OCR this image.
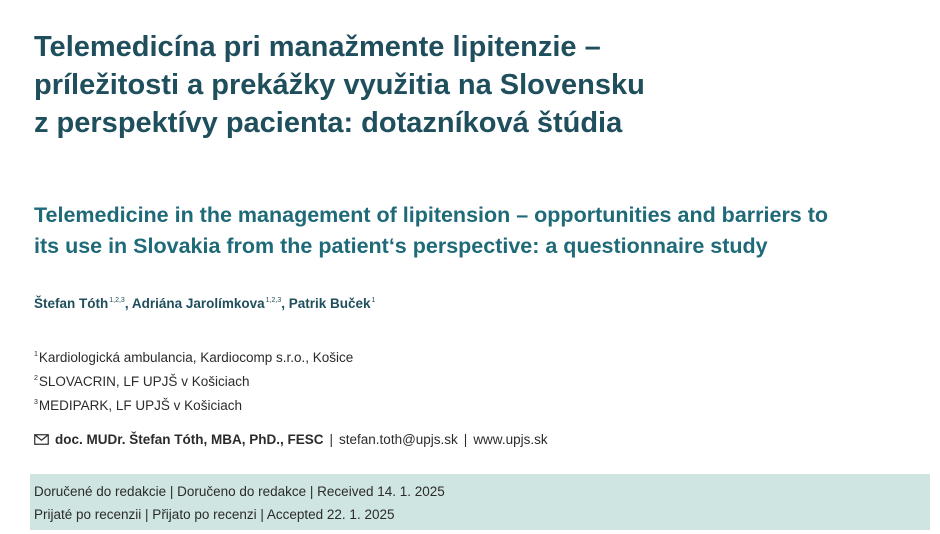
Telemedicína pri manažmente lipitenzie –
príležitosti a prekážky využitia na Slovensku
z perspektívy pacienta: dotazníková štúdia
Telemedicine in the management of lipitension – opportunities and barriers to
its use in Slovakia from the patient‘s perspective: a questionnaire study
Štefan Tóth$^{1,2,3}$, Adriána Jarolímkova$^{1,2,3}$, Patrik Buček$^1$
$^1$Kardiologická ambulancia, Kardiocomp s.r.o., Košice
$^2$SLOVACRIN, LF UPJŠ v Košiciach
$^3$MEDIPARK, LF UPJŠ v Košiciach
doc. MUDr. Štefan Tóth, MBA, PhD., FESC | stefan.toth@upjs.sk | www.upjs.sk
Doručené do redakcie | Doručeno do redakce | Received 14. 1. 2025
Prijaté po recenzii | Přijato po recenzi | Accepted 22. 1. 2025
